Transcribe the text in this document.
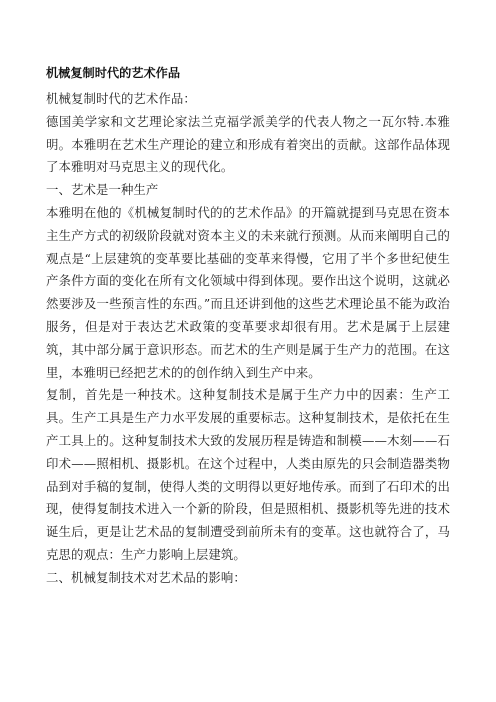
机械复制时代的艺术作品

机械复制时代的艺术作品：

德国美学家和文艺理论家法兰克福学派美学的代表人物之一瓦尔特.本雅明。本雅明在艺术生产理论的建立和形成有着突出的贡献。这部作品体现了本雅明对马克思主义的现代化。

一、艺术是一种生产

本雅明在他的《机械复制时代的的艺术作品》的开篇就提到马克思在资本主生产方式的初级阶段就对资本主义的未来就行预测。从而来阐明自己的观点是“上层建筑的变革要比基础的变革来得慢，它用了半个多世纪使生产条件方面的变化在所有文化领域中得到体现。要作出这个说明，这就必然要涉及一些预言性的东西。”而且还讲到他的这些艺术理论虽不能为政治服务，但是对于表达艺术政策的变革要求却很有用。艺术是属于上层建筑，其中部分属于意识形态。而艺术的生产则是属于生产力的范围。在这里，本雅明已经把艺术的的创作纳入到生产中来。

复制，首先是一种技术。这种复制技术是属于生产力中的因素：生产工具。生产工具是生产力水平发展的重要标志。这种复制技术，是依托在生产工具上的。这种复制技术大致的发展历程是铸造和制模——木刻——石印术——照相机、摄影机。在这个过程中，人类由原先的只会制造器类物品到对手稿的复制，使得人类的文明得以更好地传承。而到了石印术的出现，使得复制技术进入一个新的阶段，但是照相机、摄影机等先进的技术诞生后，更是让艺术品的复制遭受到前所未有的变革。这也就符合了，马克思的观点：生产力影响上层建筑。

二、机械复制技术对艺术品的影响：
